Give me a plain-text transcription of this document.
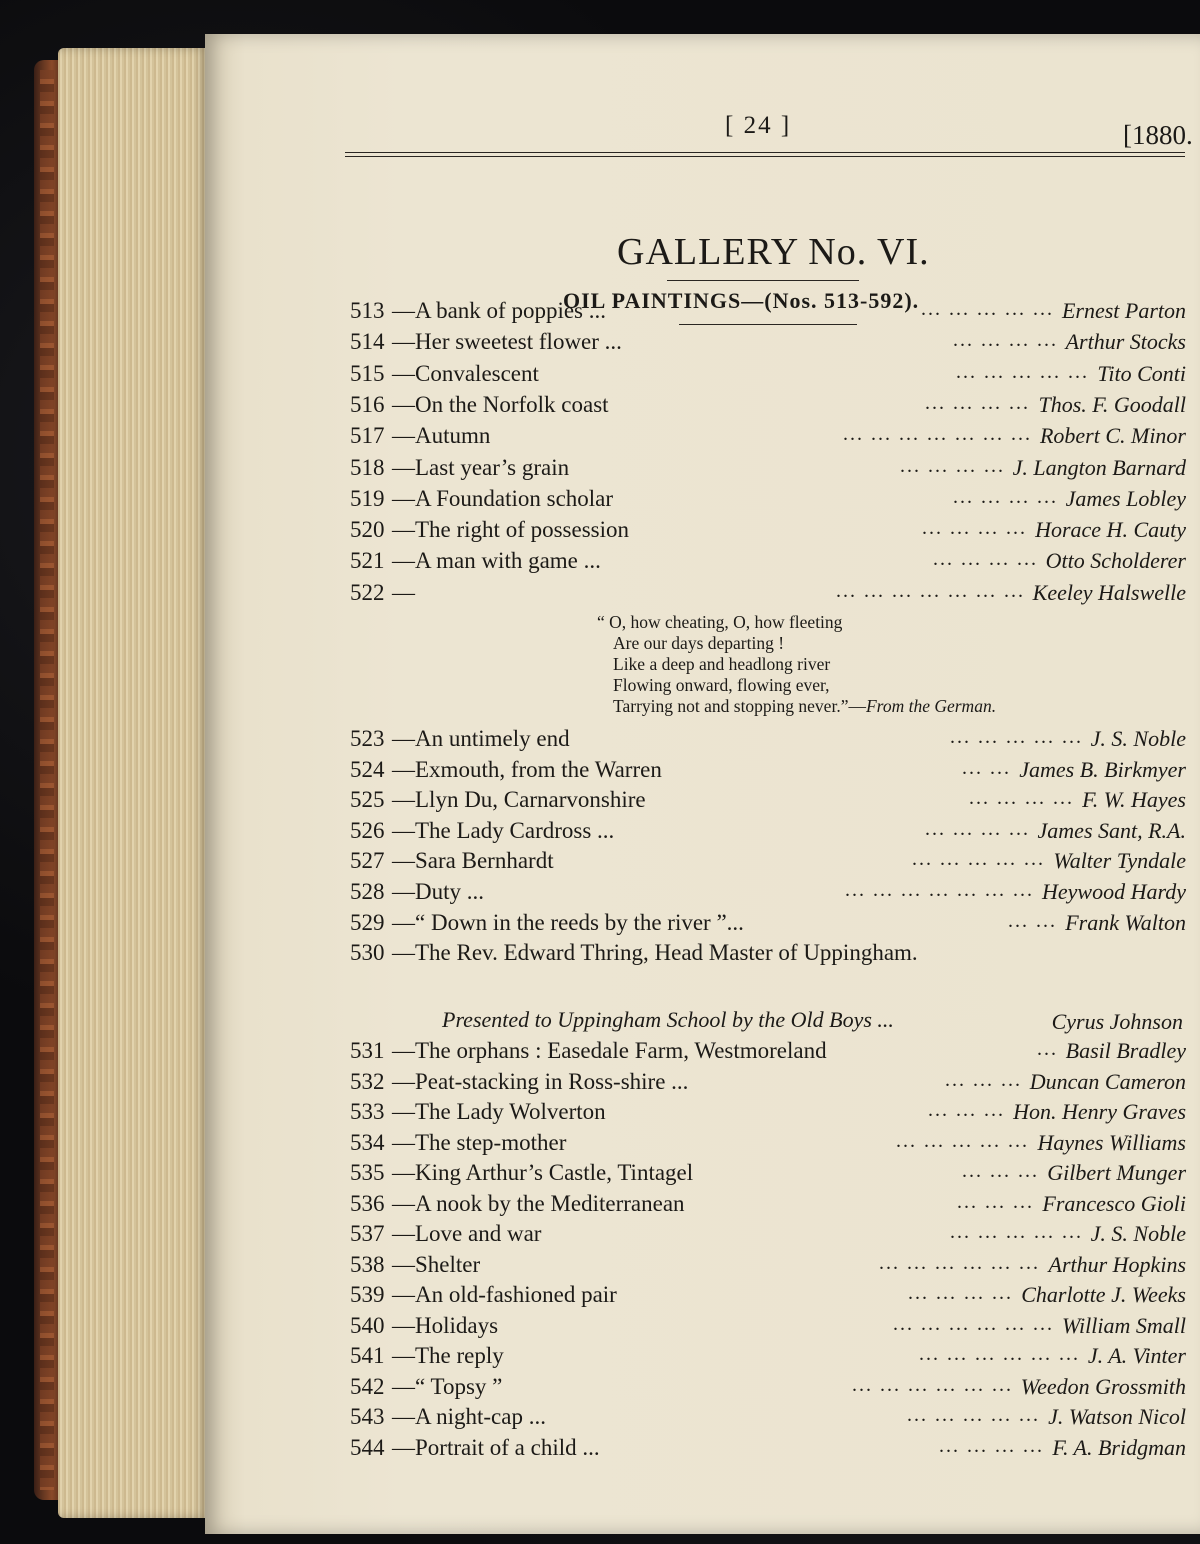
[ 24 ]	[1880.
GALLERY No. VI.
OIL PAINTINGS—(Nos. 513-592).
513 —A bank of poppies ...	... ... ... ... ... Ernest Parton
514 —Her sweetest flower ...	... ... ... ... Arthur Stocks
515 —Convalescent	... ... ... ... ... Tito Conti
516 —On the Norfolk coast	... ... ... ... Thos. F. Goodall
517 —Autumn	... ... ... ... ... ... ... Robert C. Minor
518 —Last year’s grain	... ... ... ... J. Langton Barnard
519 —A Foundation scholar	... ... ... ... James Lobley
520 —The right of possession	... ... ... ... Horace H. Cauty
521 —A man with game ...	... ... ... ... Otto Scholderer
522 —	... ... ... ... ... ... ... Keeley Halswelle
“ O, how cheating, O, how fleeting
Are our days departing !
Like a deep and headlong river
Flowing onward, flowing ever,
Tarrying not and stopping never.”—From the German.
523 —An untimely end	... ... ... ... ... J. S. Noble
524 —Exmouth, from the Warren	... ... James B. Birkmyer
525 —Llyn Du, Carnarvonshire	... ... ... ... F. W. Hayes
526 —The Lady Cardross ...	... ... ... ... James Sant, R.A.
527 —Sara Bernhardt	... ... ... ... ... Walter Tyndale
528 —Duty ...	... ... ... ... ... ... ... Heywood Hardy
529 —“ Down in the reeds by the river ”...	... ... Frank Walton
530 —The Rev. Edward Thring, Head Master of Uppingham.
Presented to Uppingham School by the Old Boys ...	Cyrus Johnson
531 —The orphans : Easedale Farm, Westmoreland	... Basil Bradley
532 —Peat-stacking in Ross-shire ...	... ... ... Duncan Cameron
533 —The Lady Wolverton	... ... ... Hon. Henry Graves
534 —The step-mother	... ... ... ... ... Haynes Williams
535 —King Arthur’s Castle, Tintagel	... ... ... Gilbert Munger
536 —A nook by the Mediterranean	... ... ... Francesco Gioli
537 —Love and war	... ... ... ... ... J. S. Noble
538 —Shelter	... ... ... ... ... ... Arthur Hopkins
539 —An old-fashioned pair	... ... ... ... Charlotte J. Weeks
540 —Holidays	... ... ... ... ... ... William Small
541 —The reply	... ... ... ... ... ... J. A. Vinter
542 —“ Topsy ”	... ... ... ... ... ... Weedon Grossmith
543 —A night-cap ...	... ... ... ... ... J. Watson Nicol
544 —Portrait of a child ...	... ... ... ... F. A. Bridgman
